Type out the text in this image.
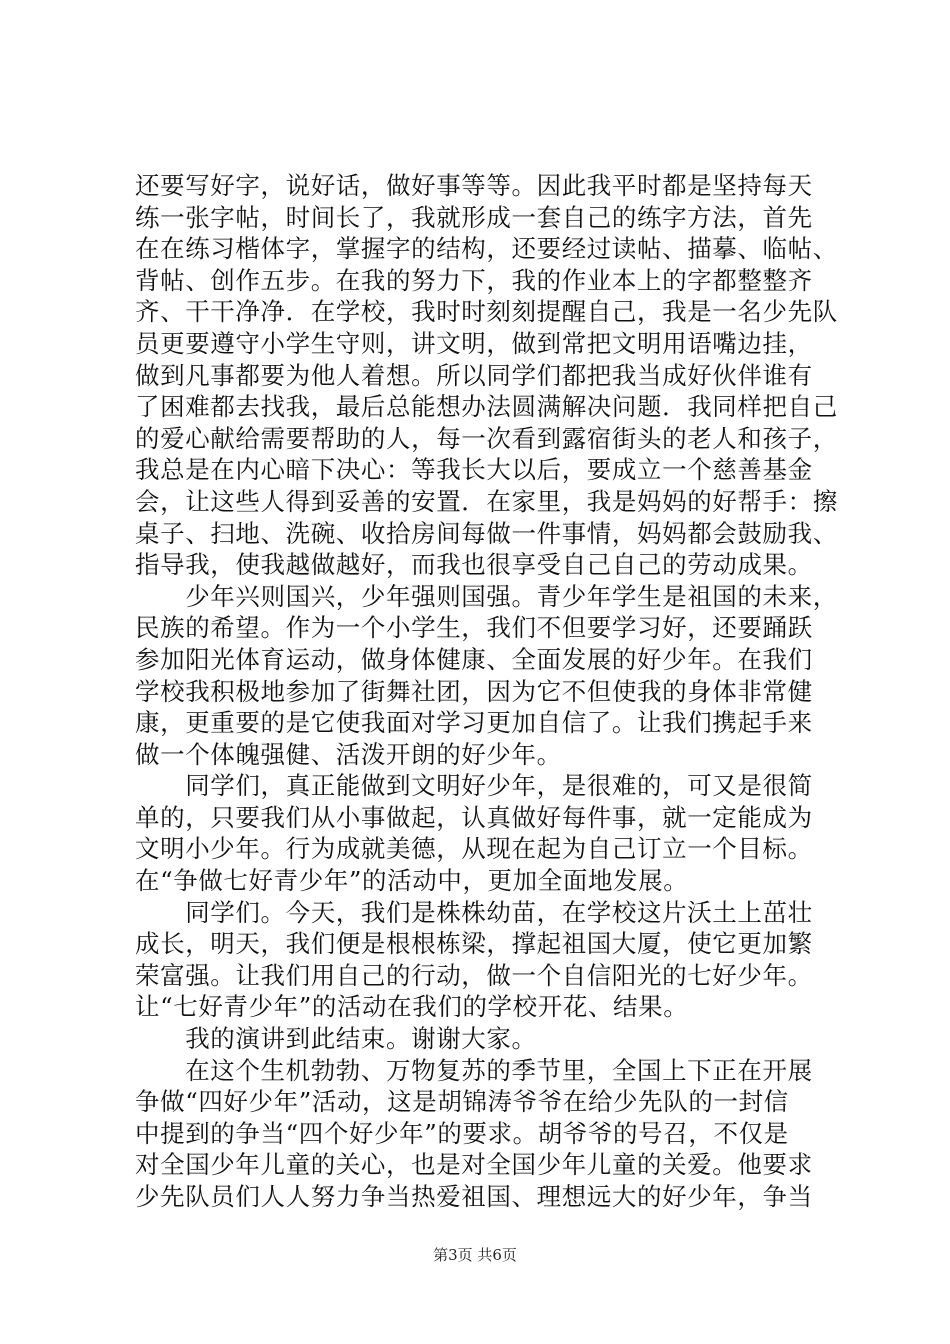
还要写好字，说好话，做好事等等。因此我平时都是坚持每天
练一张字帖，时间长了，我就形成一套自己的练字方法，首先
在在练习楷体字，掌握字的结构，还要经过读帖、描摹、临帖、
背帖、创作五步。在我的努力下，我的作业本上的字都整整齐
齐、干干净净．在学校，我时时刻刻提醒自己，我是一名少先队
员更要遵守小学生守则，讲文明，做到常把文明用语嘴边挂，
做到凡事都要为他人着想。所以同学们都把我当成好伙伴谁有
了困难都去找我，最后总能想办法圆满解决问题．我同样把自己
的爱心献给需要帮助的人，每一次看到露宿街头的老人和孩子，
我总是在内心暗下决心：等我长大以后，要成立一个慈善基金
会，让这些人得到妥善的安置．在家里，我是妈妈的好帮手：擦
桌子、扫地、洗碗、收拾房间每做一件事情，妈妈都会鼓励我、
指导我，使我越做越好，而我也很享受自己自己的劳动成果。
　　少年兴则国兴，少年强则国强。青少年学生是祖国的未来，
民族的希望。作为一个小学生，我们不但要学习好，还要踊跃
参加阳光体育运动，做身体健康、全面发展的好少年。在我们
学校我积极地参加了街舞社团，因为它不但使我的身体非常健
康，更重要的是它使我面对学习更加自信了。让我们携起手来
做一个体魄强健、活泼开朗的好少年。
　　同学们，真正能做到文明好少年，是很难的，可又是很简
单的，只要我们从小事做起，认真做好每件事，就一定能成为
文明小少年。行为成就美德，从现在起为自己订立一个目标。
在“争做七好青少年”的活动中，更加全面地发展。
　　同学们。今天，我们是株株幼苗，在学校这片沃土上茁壮
成长，明天，我们便是根根栋梁，撑起祖国大厦，使它更加繁
荣富强。让我们用自己的行动，做一个自信阳光的七好少年。
让“七好青少年”的活动在我们的学校开花、结果。
　　我的演讲到此结束。谢谢大家。
　　在这个生机勃勃、万物复苏的季节里，全国上下正在开展
争做“四好少年”活动，这是胡锦涛爷爷在给少先队的一封信
中提到的争当“四个好少年”的要求。胡爷爷的号召，不仅是
对全国少年儿童的关心，也是对全国少年儿童的关爱。他要求
少先队员们人人努力争当热爱祖国、理想远大的好少年，争当
第3页 共6页
